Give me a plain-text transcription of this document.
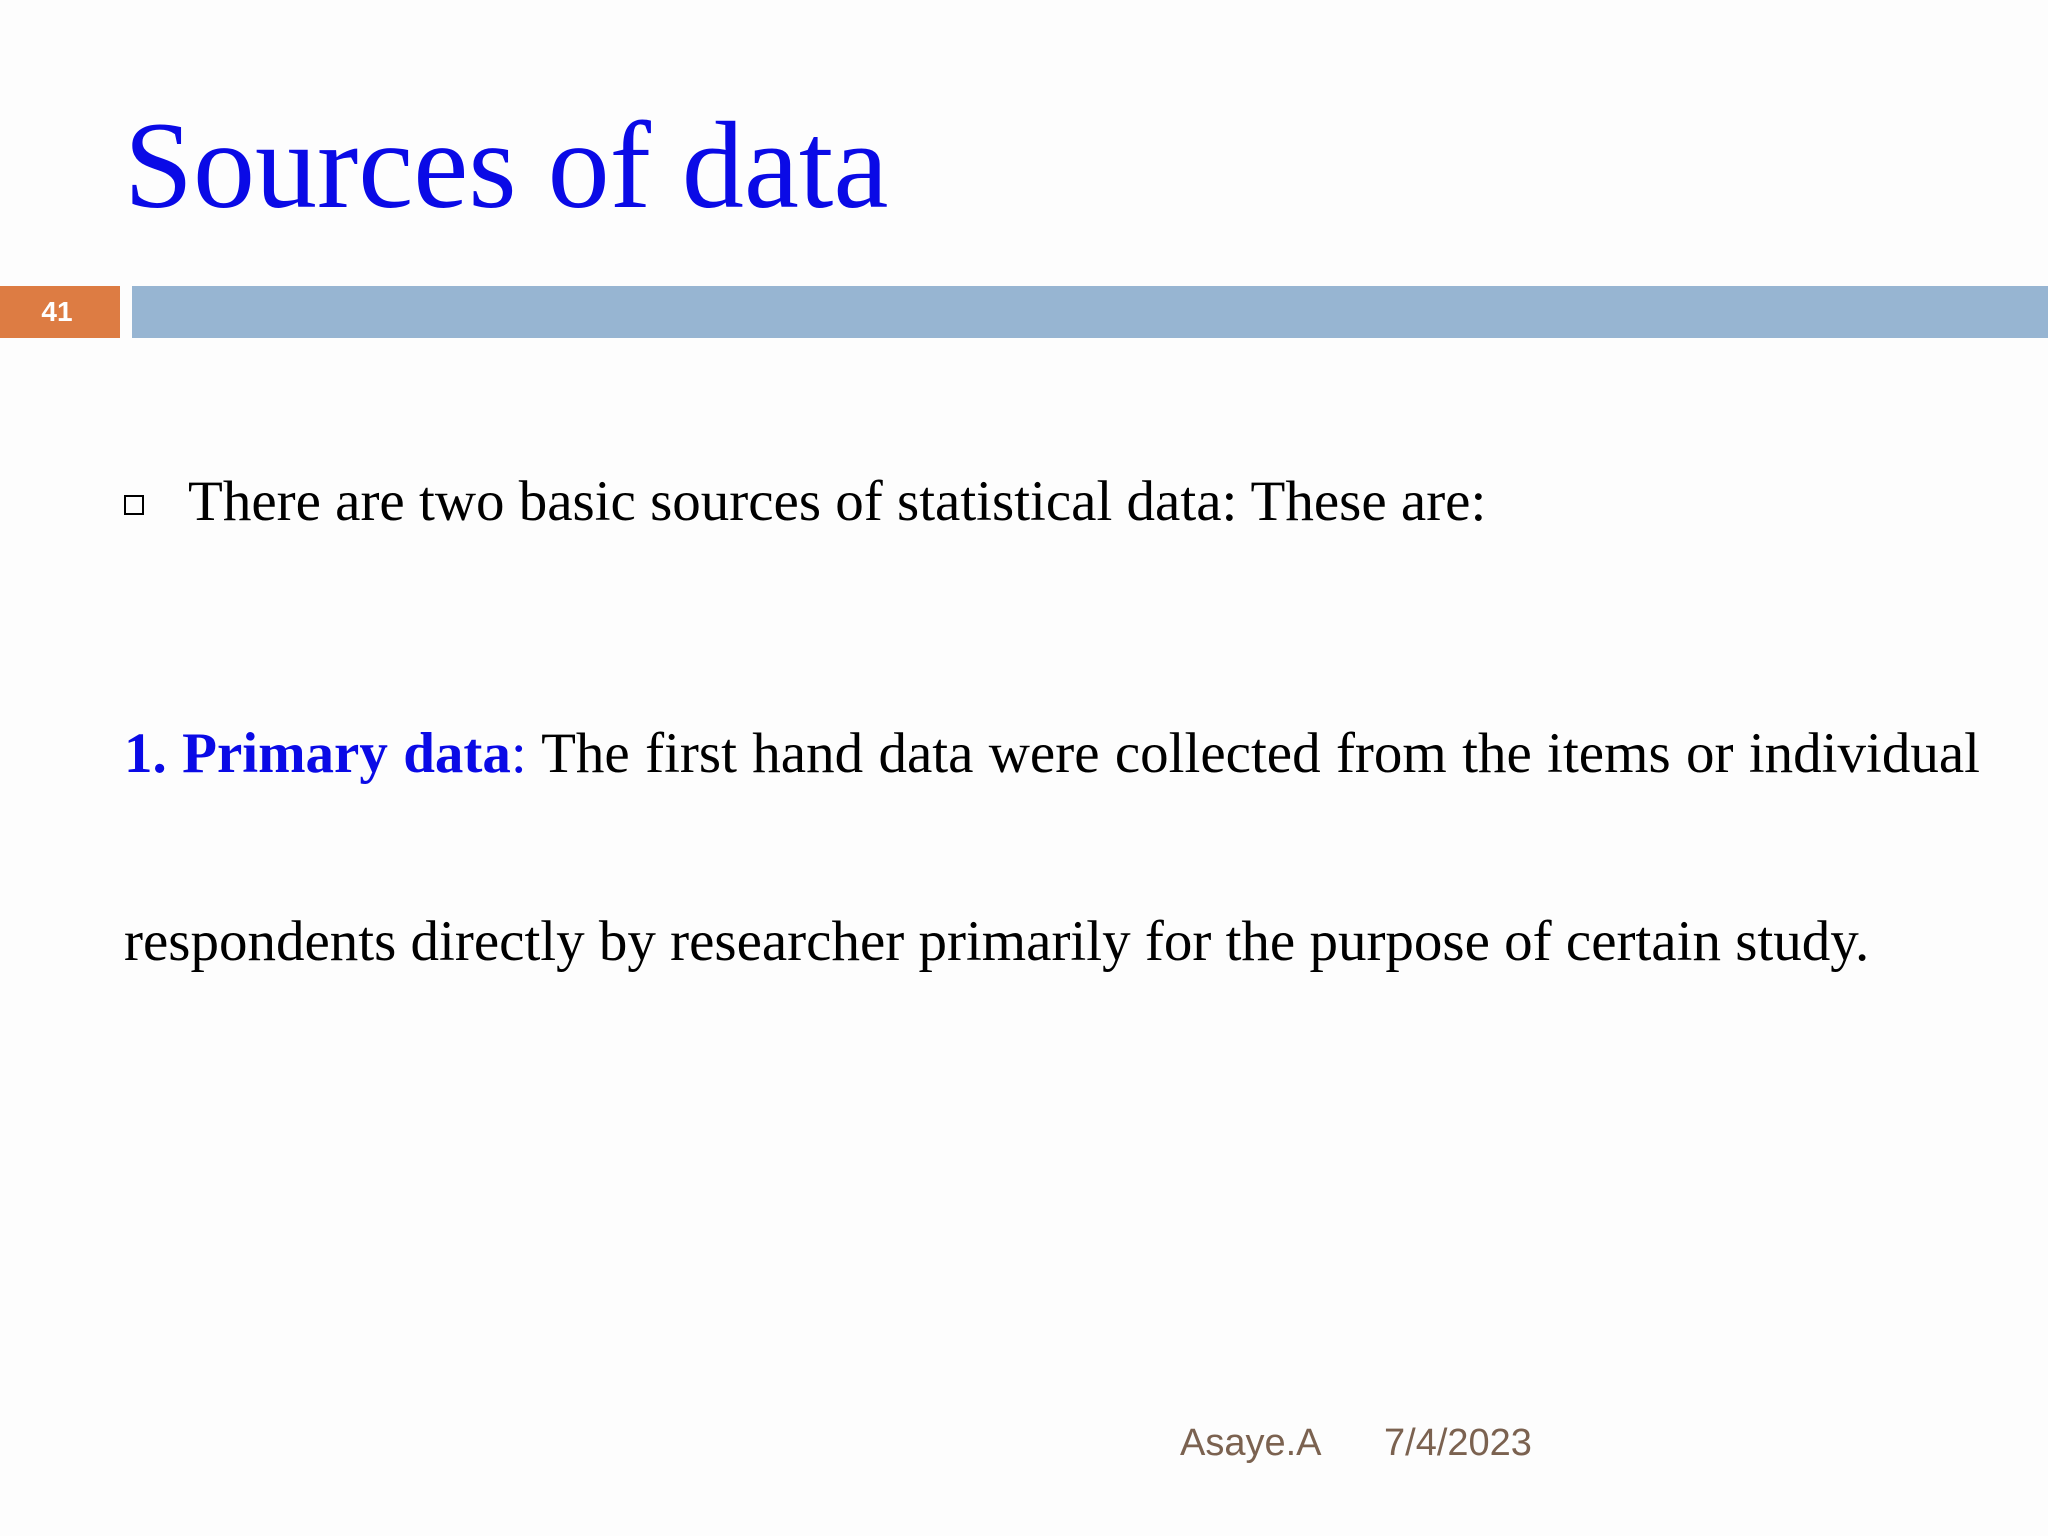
Sources of data
41
There are two basic sources of statistical data: These are:

1. Primary data: The first hand data were collected from the items or individual respondents directly by researcher primarily for the purpose of certain study.

Asaye.A 7/4/2023
